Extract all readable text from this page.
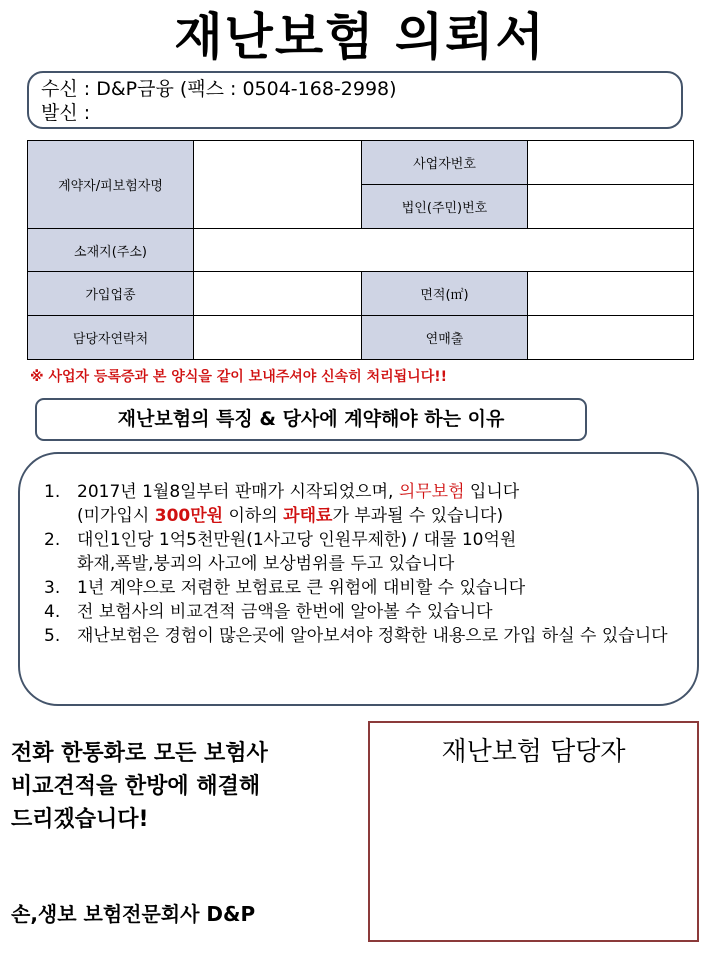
재난보험 의뢰서
수신 : D&P금융 (팩스 : 0504-168-2998)
발신 :
계약자/피보험자명		사업자번호	
		법인(주민)번호	
소재지(주소)			
가입업종		면적(㎡)	
담당자연락처		연매출	
※ 사업자 등록증과 본 양식을 같이 보내주셔야 신속히 처리됩니다!!
재난보험의 특징 & 당사에 계약해야 하는 이유
1. 2017년 1월8일부터 판매가 시작되었으며, 의무보험 입니다
(미가입시 300만원 이하의 과태료가 부과될 수 있습니다)
2. 대인1인당 1억5천만원(1사고당 인원무제한) / 대물 10억원
화재,폭발,붕괴의 사고에 보상범위를 두고 있습니다
3. 1년 계약으로 저렴한 보험료로 큰 위험에 대비할 수 있습니다
4. 전 보험사의 비교견적 금액을 한번에 알아볼 수 있습니다
5. 재난보험은 경험이 많은곳에 알아보셔야 정확한 내용으로 가입 하실 수 있습니다
전화 한통화로 모든 보험사
비교견적을 한방에 해결해
드리겠습니다!
손,생보 보험전문회사 D&P
재난보험 담당자
